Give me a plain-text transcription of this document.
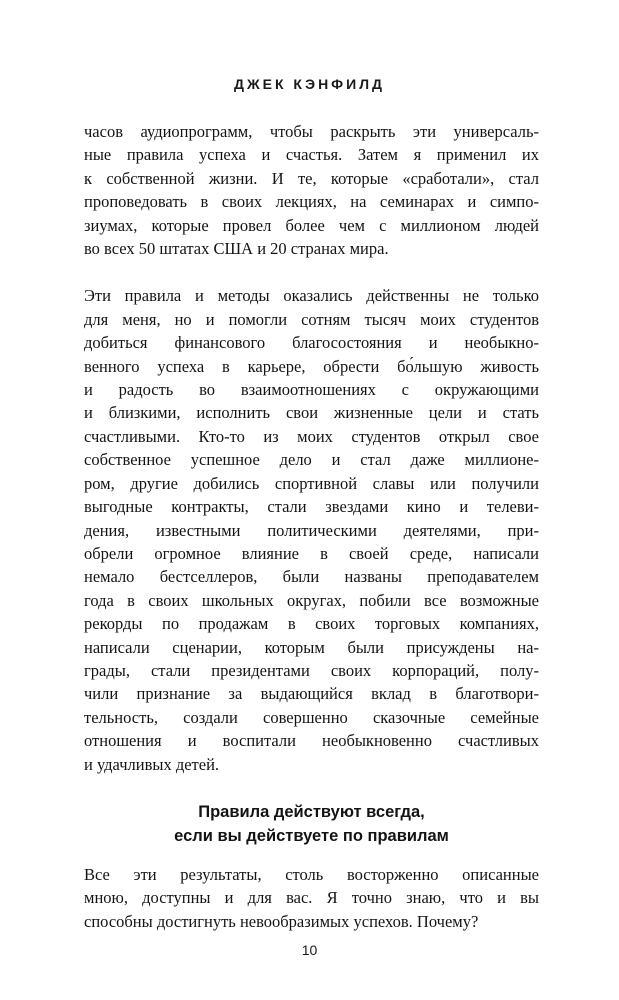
ДЖЕК КЭНФИЛД
часов аудиопрограмм, чтобы раскрыть эти универсаль-
ные правила успеха и счастья. Затем я применил их
к собственной жизни. И те, которые «сработали», стал
проповедовать в своих лекциях, на семинарах и симпо-
зиумах, которые провел более чем с миллионом людей
во всех 50 штатах США и 20 странах мира.
Эти правила и методы оказались действенны не только
для меня, но и помогли сотням тысяч моих студентов
добиться финансового благосостояния и необыкно-
венного успеха в карьере, обрести бо́льшую живость
и радость во взаимоотношениях с окружающими
и близкими, исполнить свои жизненные цели и стать
счастливыми. Кто-то из моих студентов открыл свое
собственное успешное дело и стал даже миллионе-
ром, другие добились спортивной славы или получили
выгодные контракты, стали звездами кино и телеви-
дения, известными политическими деятелями, при-
обрели огромное влияние в своей среде, написали
немало бестселлеров, были названы преподавателем
года в своих школьных округах, побили все возможные
рекорды по продажам в своих торговых компаниях,
написали сценарии, которым были присуждены на-
грады, стали президентами своих корпораций, полу-
чили признание за выдающийся вклад в благотвори-
тельность, создали совершенно сказочные семейные
отношения и воспитали необыкновенно счастливых
и удачливых детей.
Правила действуют всегда,
если вы действуете по правилам
Все эти результаты, столь восторженно описанные
мною, доступны и для вас. Я точно знаю, что и вы
способны достигнуть невообразимых успехов. Почему?
10
